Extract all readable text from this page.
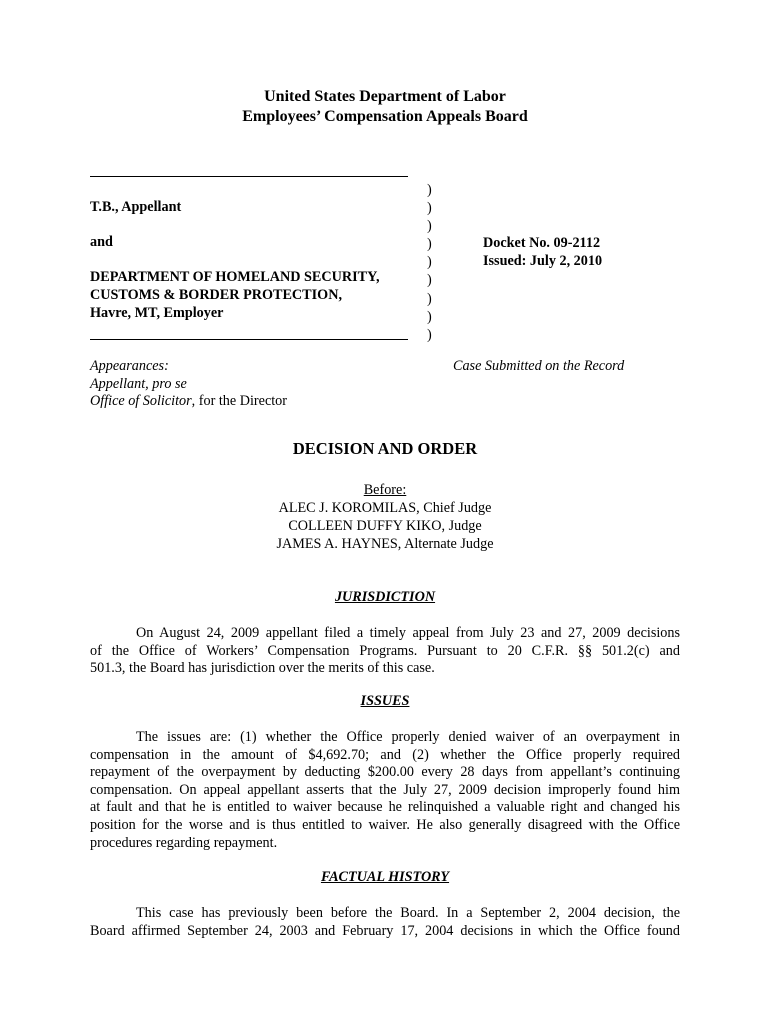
United States Department of Labor
Employees’ Compensation Appeals Board
T.B., Appellant
and
DEPARTMENT OF HOMELAND SECURITY,
CUSTOMS & BORDER PROTECTION,
Havre, MT, Employer
)
)
)
)
)
)
)
)
)
Docket No. 09-2112
Issued: July 2, 2010
Appearances:
Appellant, pro se
Office of Solicitor, for the Director
Case Submitted on the Record
DECISION AND ORDER
Before:
ALEC J. KOROMILAS, Chief Judge
COLLEEN DUFFY KIKO, Judge
JAMES A. HAYNES, Alternate Judge
JURISDICTION
On August 24, 2009 appellant filed a timely appeal from July 23 and 27, 2009 decisions
of the Office of Workers’ Compensation Programs. Pursuant to 20 C.F.R. §§ 501.2(c) and
501.3, the Board has jurisdiction over the merits of this case.
ISSUES
The issues are: (1) whether the Office properly denied waiver of an overpayment in
compensation in the amount of $4,692.70; and (2) whether the Office properly required
repayment of the overpayment by deducting $200.00 every 28 days from appellant’s continuing
compensation. On appeal appellant asserts that the July 27, 2009 decision improperly found him
at fault and that he is entitled to waiver because he relinquished a valuable right and changed his
position for the worse and is thus entitled to waiver. He also generally disagreed with the Office
procedures regarding repayment.
FACTUAL HISTORY
This case has previously been before the Board. In a September 2, 2004 decision, the
Board affirmed September 24, 2003 and February 17, 2004 decisions in which the Office found
